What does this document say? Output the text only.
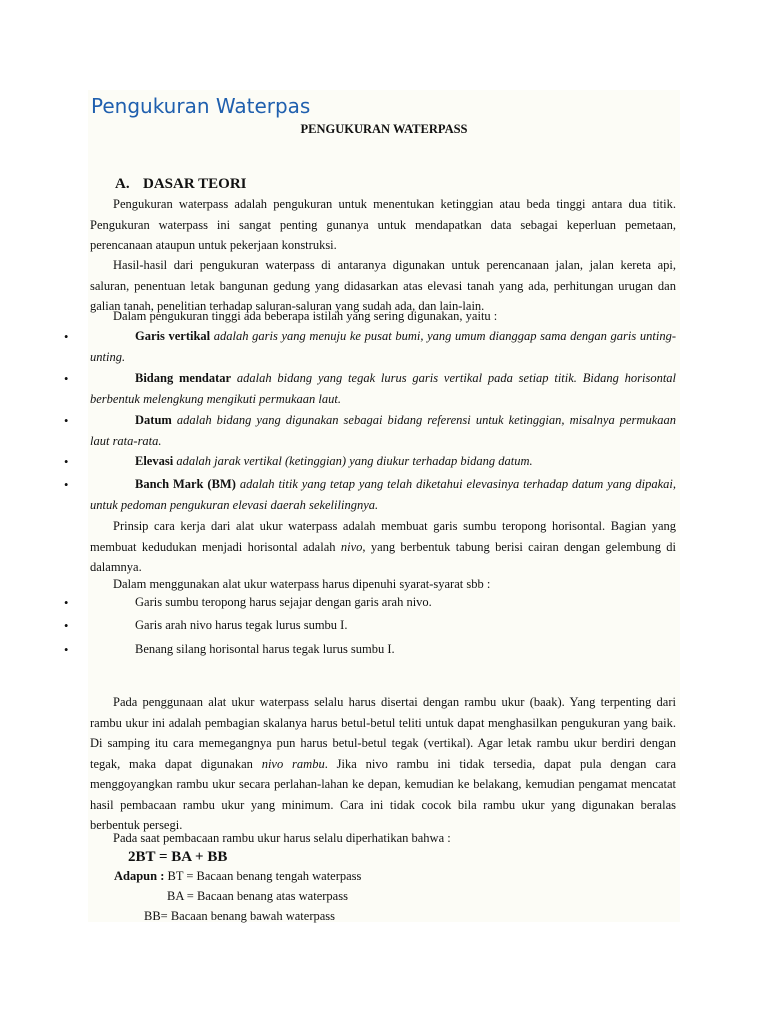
Pengukuran Waterpas
PENGUKURAN WATERPASS
A. DASAR TEORI

Pengukuran waterpass adalah pengukuran untuk menentukan ketinggian atau beda tinggi antara dua titik. Pengukuran waterpass ini sangat penting gunanya untuk mendapatkan data sebagai keperluan pemetaan, perencanaan ataupun untuk pekerjaan konstruksi.

Hasil-hasil dari pengukuran waterpass di antaranya digunakan untuk perencanaan jalan, jalan kereta api, saluran, penentuan letak bangunan gedung yang didasarkan atas elevasi tanah yang ada, perhitungan urugan dan galian tanah, penelitian terhadap saluran-saluran yang sudah ada, dan lain-lain.

Dalam pengukuran tinggi ada beberapa istilah yang sering digunakan, yaitu :

•	Garis vertikal adalah garis yang menuju ke pusat bumi, yang umum dianggap sama dengan garis unting-unting.

•	Bidang mendatar adalah bidang yang tegak lurus garis vertikal pada setiap titik. Bidang horisontal berbentuk melengkung mengikuti permukaan laut.

•	Datum adalah bidang yang digunakan sebagai bidang referensi untuk ketinggian, misalnya permukaan laut rata-rata.

•	Elevasi adalah jarak vertikal (ketinggian) yang diukur terhadap bidang datum.

•	Banch Mark (BM) adalah titik yang tetap yang telah diketahui elevasinya terhadap datum yang dipakai, untuk pedoman pengukuran elevasi daerah sekelilingnya.

Prinsip cara kerja dari alat ukur waterpass adalah membuat garis sumbu teropong horisontal. Bagian yang membuat kedudukan menjadi horisontal adalah nivo, yang berbentuk tabung berisi cairan dengan gelembung di dalamnya.

Dalam menggunakan alat ukur waterpass harus dipenuhi syarat-syarat sbb :

•	Garis sumbu teropong harus sejajar dengan garis arah nivo.

•	Garis arah nivo harus tegak lurus sumbu I.

•	Benang silang horisontal harus tegak lurus sumbu I.

Pada penggunaan alat ukur waterpass selalu harus disertai dengan rambu ukur (baak). Yang terpenting dari rambu ukur ini adalah pembagian skalanya harus betul-betul teliti untuk dapat menghasilkan pengukuran yang baik. Di samping itu cara memegangnya pun harus betul-betul tegak (vertikal). Agar letak rambu ukur berdiri dengan tegak, maka dapat digunakan nivo rambu. Jika nivo rambu ini tidak tersedia, dapat pula dengan cara menggoyangkan rambu ukur secara perlahan-lahan ke depan, kemudian ke belakang, kemudian pengamat mencatat hasil pembacaan rambu ukur yang minimum. Cara ini tidak cocok bila rambu ukur yang digunakan beralas berbentuk persegi.

Pada saat pembacaan rambu ukur harus selalu diperhatikan bahwa :

2BT = BA + BB

Adapun : BT = Bacaan benang tengah waterpass

BA = Bacaan benang atas waterpass

BB= Bacaan benang bawah waterpass
